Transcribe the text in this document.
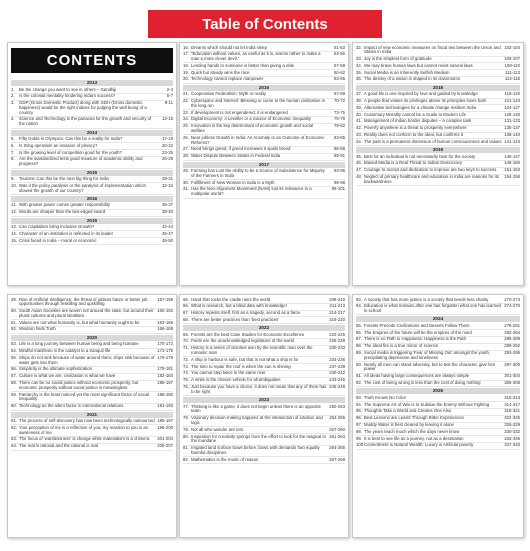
Table of Contents
CONTENTS
2013
1.	Be the change you want to see in others – Gandhiji	2-4
2.	Is the colonial mentality hindering India's success?	5-7
3.	GDP (Gross Domestic Product) along with GDH (Gross domestic happiness) would be the right indices for judging the well being of a country
8-11
4.	Science and Technology is the panacea for the growth and security of the nation
12-15
2014
5.	Fifty Golds in Olympics: Can this be a reality for India?	17-19
6.	Is Sting operation an invasion of privacy?	20-22
7.	Is the growing level of competition good for the youth?	23-25
8.	Are the standardized tests good measure of academic ability and progress?
26-28
2015
9.	Tourism: Can this be the next big thing for India	29-31
10. Was it the policy paralysis or the paralysis of implementation which slowed the growth of our country?
32-34
2016
11. With greater power comes greater responsibility	35-37
12. Words are sharper than the two-edged sword	38-40
2015
13. Can Capitalism bring Inclusive Growth?	42-44
14. Character of an institution is reflected in its leader	45-47
15. Crisis faced in India – moral or economic	48-50
16. Dreams which should not let India sleep	51-53
17. "Education without values, as useful as it is, seems rather to make a man a more clever devil."
54-56
18. Lending hands to someone is better than giving a dole	57-59
19. Quick but steady wins the race	60-62
20. Technology cannot replace manpower	63-65
2016
21. Cooperative Federalism: Myth or reality	67-69
22. Cyberspace and Internet: Blessing or curse to the human civilization in the long run
70-72
23. If development is not engendered, it is endangered	73-75
24. Digital Economy: A Leveller or a Source of Economic Inequality	76-78
25. Innovation is the key determinant of economic growth and social welfare
79-82
26. Near jobless Growth in India: An Anomaly or an Outcome of Economic Reforms?
83-85
27. Need brings greed, if greed increases it spoils breed	86-88
28. Water Dispute Between States in Federal India	89-91
2017
29. Farming has Lost the Ability to be a Source of Subsistence for Majority of the Farmers in India
93-95
30. Fulfillment of New Woman in India is a Myth	96-98
31. Has the Non-Alignment Movement (NAM) lost its relevance in a multipolar world?
99-101
32. Impact of new economic measures on fiscal ties between the Union and States in India
102-104
33. Joy is the simplest form of gratitude	105-107
34. We may brave human laws but cannot resist natural laws	108-110
35. Social Media is an Inherently Selfish Medium	111-113
36. The destiny of a nation is shaped in its classrooms	114-116
2018
37. A good life is one inspired by love and guided by knowledge	118-120
38. A people that values its privileges above its principles loses both	121-123
39. Alternative technologies for a climate change resilient India	124-127
40. Customary Morality cannot be a Guide to Modern Life	128-130
41. Management of Indian border disputes – a complex task	131-133
42. Poverty anywhere is a threat to prosperity everywhere	135-137
43. Reality does not conform to the ideal, but confirms it	138-140
44. The past is a permanent dimension of human consciousness and values 141-143
2019
45. Best for an individual is not necessarily best for the society	145-147
46. Biased Media is a Real Threat to Indian Democracy	148-150
47. Courage to accept and dedication to improve are two keys to success	151-153
48. Neglect of primary healthcare and education in India are reasons for its backwardness
154-156
49. Rise of Artificial Intelligence: the threat of jobless future or better job opportunities through reskilling and upskilling
157-159
50. South Asian Societies are woven not around the state, but around their plural cultures and plural identities
160-162
51. Values are not what humanity is, but what humanity ought to be	163-165
52. Wisdom finds Truth	166-168
2020
53. Life is a long journey between human being and being humane	170-172
54. Mindful manifesto is the catalyst to a tranquil life	173-175
55. Ships do not sink because of water around them; ships sink because of water gets into them
176-178
56. Simplicity is the ultimate sophistication	179-181
57. Culture is what we are, civilization is what we have	182-184
58. There can be no social justice without economic prosperity, but economic prosperity without social justice is meaningless
185-187
59. Patriarchy is the least noticed yet the most significant factor of social inequality
188-190
60. Technology as the silent factor in international relations	191-193
2021
61. The process of self-discovery has now been technologically outsourced 195-197
62. Your perception of me is a reflection of you; my reaction to you is an awareness of me
198-200
63. The focus of 'wantlessness' is change while materialism is a chimera	201-204
64. The real is rational and the rational is real	205-207
65. Hand that rocks the cradle rules the world	208-210
66. What is research, but a blind date with knowledge!	211-213
67. History repeats itself, first as a tragedy, second as a farce	214-217
68. There are better practices than 'best practices'	218-220
2022
69. Forests are the best Case Studies for Economic Excellence	222-225
70. Poets are the unacknowledged legislators of the world	226-229
71. History is a series of victories won by the scientific man over the romantic man
230-233
72. A ship in harbour is safe, but that is not what a ship is for	234-236
73. The time to repair the roof is when the sun is shining	237-239
74. You cannot step twice in the same river	240-242
75. A smile is the chosen vehicle for all ambiguities	243-245
76. Just because you have a choice, it does not mean that any of them has to be right
246-248
2023
77. Thinking is like a game, it does not begin unless there is an opposite team
250-253
78. Visionary decision-making happens at the intersection of intuition and logic
254-256
79. Not all who wander are lost	257-260
80. Inspiration for creativity springs from the effort to look for the magical in the mundane
261-263
81. Irrigated land surface bows before, bows with demands 'two equally harmful disciplines
264-265
82. Mathematics is the music of reason	267-269
83. A society that has more justice is a society that needs less charity	270-273
84. Education is what remains after one has forgotten what one has learned in school
274-276
2024
85. Forests Precede Civilizations and Deserts Follow Them	278-281
86. The Empires of the future will be the empires of the mind	282-284
87. There is no Path to Happiness: Happiness is the Path	285-288
88. The ideal fire is a true mirror of science	289-292
89. Social media is triggering 'Fear of Missing Out' amongst the youth, precipitating depression and loneliness
293-296
90. Nearly all men can stand adversity, but to test the character, give him power
297-300
91. All ideas having large consequences are always simple	301-304
92. The cost of being wrong is less than the cost of doing nothing	305-308
2025
93. Truth Knows No Color	310-313
94. The Supreme Art of War is to Subdue the Enemy Without Fighting	314-317
95. Thoughts Take a World and Creates One Also	318-321
96. Best Lessons are Learnt Through Bitter Experiences	322-325
97. Muddy Water is best cleared by leaving it alone	326-329
98. The years teach much which the days never know	330-332
99. It is best to see life as a journey, not as a destination	333-336
100. Contentment is Natural Wealth; Luxury is Artificial poverty	337-340
